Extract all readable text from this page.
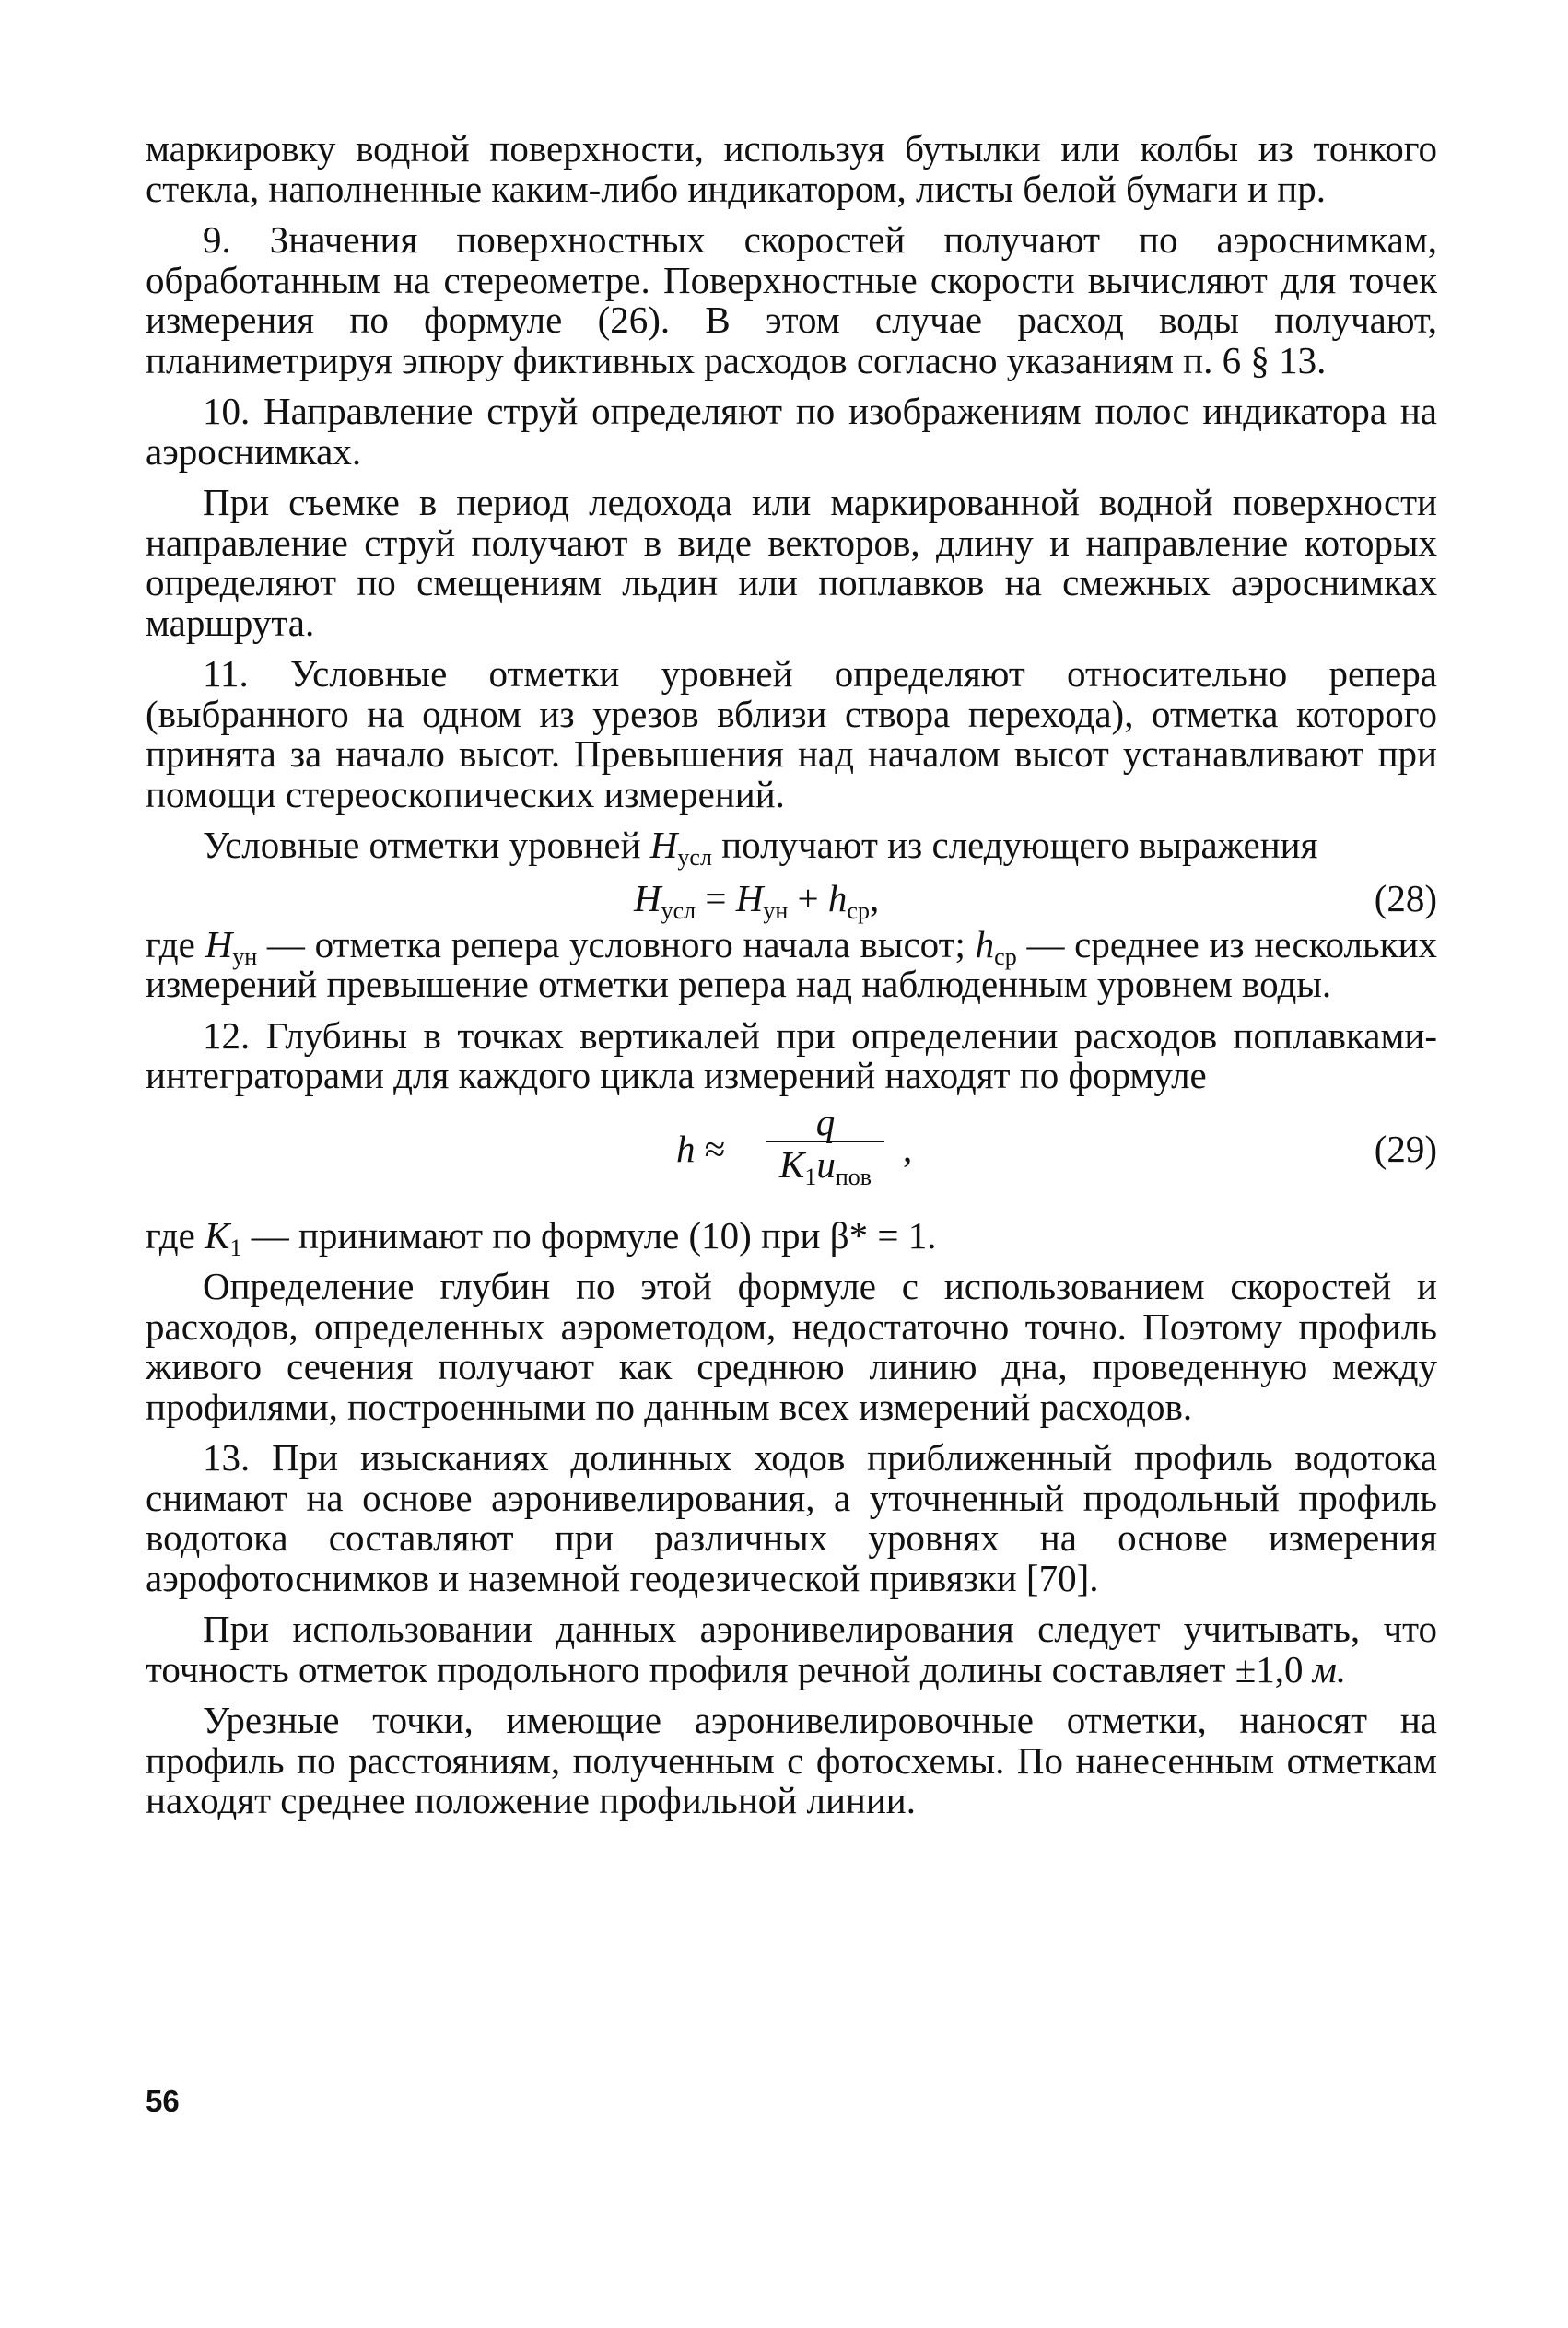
маркировку водной поверхности, используя бутылки или колбы из тонкого стекла, наполненные каким-либо индикатором, листы белой бумаги и пр.

9. Значения поверхностных скоростей получают по аэроснимкам, обработанным на стереометре. Поверхностные скорости вычисляют для точек измерения по формуле (26). В этом случае расход воды получают, планиметрируя эпюру фиктивных расходов согласно указаниям п. 6 § 13.

10. Направление струй определяют по изображениям полос индикатора на аэроснимках.

При съемке в период ледохода или маркированной водной поверхности направление струй получают в виде векторов, длину и направление которых определяют по смещениям льдин или поплавков на смежных аэроснимках маршрута.

11. Условные отметки уровней определяют относительно репера (выбранного на одном из урезов вблизи створа перехода), отметка которого принята за начало высот. Превышения над началом высот устанавливают при помощи стереоскопических измерений.

Условные отметки уровней $H_{усл}$ получают из следующего выражения

$H_{усл} = H_{ун} + h_{ср}$,	(28)

где $H_{ун}$ — отметка репера условного начала высот; $h_{ср}$ — среднее из нескольких измерений превышение отметки репера над наблюденным уровнем воды.

12. Глубины в точках вертикалей при определении расходов поплавками-интеграторами для каждого цикла измерений находят по формуле

h ≈
q
$K_1u_{пов}$
,	(29)

где $K_1$ — принимают по формуле (10) при β* = 1.

Определение глубин по этой формуле с использованием скоростей и расходов, определенных аэрометодом, недостаточно точно. Поэтому профиль живого сечения получают как среднюю линию дна, проведенную между профилями, построенными по данным всех измерений расходов.

13. При изысканиях долинных ходов приближенный профиль водотока снимают на основе аэронивелирования, а уточненный продольный профиль водотока составляют при различных уровнях на основе измерения аэрофотоснимков и наземной геодезической привязки [70].

При использовании данных аэронивелирования следует учитывать, что точность отметок продольного профиля речной долины составляет ±1,0 м.

Урезные точки, имеющие аэронивелировочные отметки, наносят на профиль по расстояниям, полученным с фотосхемы. По нанесенным отметкам находят среднее положение профильной линии.

56
